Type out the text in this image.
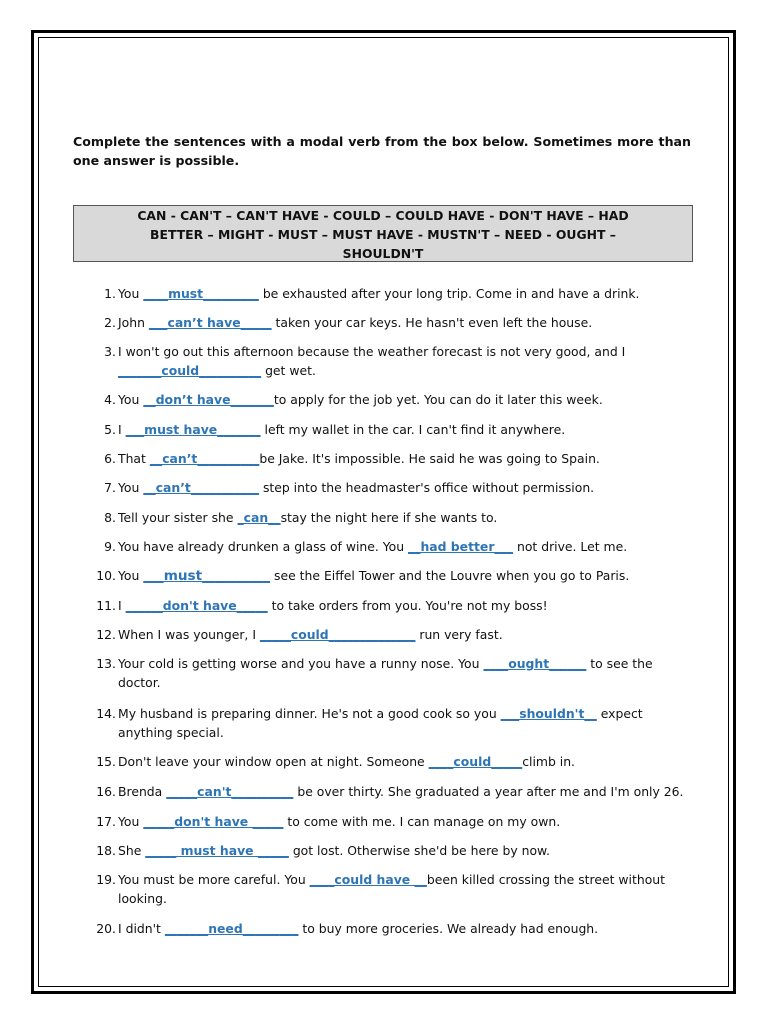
Complete the sentences with a modal verb from the box below. Sometimes more than one answer is possible.
CAN - CAN'T – CAN'T HAVE - COULD – COULD HAVE - DON'T HAVE – HAD
BETTER – MIGHT - MUST – MUST HAVE - MUSTN'T – NEED - OUGHT –
SHOULDN'T
1. You ____must_________ be exhausted after your long trip. Come in and have a drink.
2. John ___can’t have_____ taken your car keys. He hasn't even left the house.
3. I won't go out this afternoon because the weather forecast is not very good, and I
_______could__________ get wet.
4. You __don’t have_______to apply for the job yet. You can do it later this week.
5. I ___must have_______ left my wallet in the car. I can't find it anywhere.
6. That __can’t__________be Jake. It's impossible. He said he was going to Spain.
7. You __can’t___________ step into the headmaster's office without permission.
8. Tell your sister she _can__stay the night here if she wants to.
9. You have already drunken a glass of wine. You __had better___ not drive. Let me.
10. You ___must__________ see the Eiffel Tower and the Louvre when you go to Paris.
11. I ______don't have_____ to take orders from you. You're not my boss!
12. When I was younger, I _____could______________ run very fast.
13. Your cold is getting worse and you have a runny nose. You ____ought______ to see the
doctor.
14. My husband is preparing dinner. He's not a good cook so you ___shouldn't__ expect
anything special.
15. Don't leave your window open at night. Someone ____could_____climb in.
16. Brenda _____can't__________ be over thirty. She graduated a year after me and I'm only 26.
17. You _____don't have _____ to come with me. I can manage on my own.
18. She _____ must have _____ got lost. Otherwise she'd be here by now.
19. You must be more careful. You ____could have __been killed crossing the street without
looking.
20. I didn't _______need_________ to buy more groceries. We already had enough.
